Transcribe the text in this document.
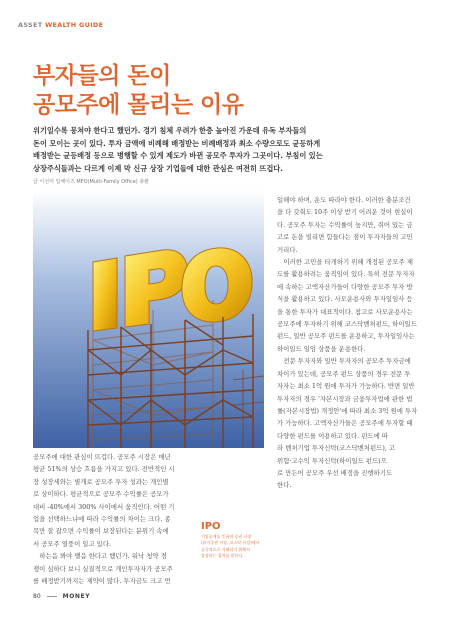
ASSET WEALTH GUIDE
부자들의 돈이
공모주에 몰리는 이유
위기일수록 뭉쳐야 한다고 했던가. 경기 침체 우려가 한층 높아진 가운데 유독 부자들의
돈이 모이는 곳이 있다. 투자 금액에 비례해 배정받는 비례배정과 최소 수량으로도 균등하게
배정받는 균등배정 등으로 병행할 수 있게 제도가 바뀐 공모주 투자가 그곳이다. 부침이 있는
상장주식들과는 다르게 이제 막 신규 상장 기업들에 대한 관심은 여전히 뜨겁다.
글 이선미 입체이즈 MFO(Multi-Family Office) 총괄
공모주에 대한 관심이 뜨겁다. 공모주 시장은 매년
평균 51%의 상승 흐름을 가지고 있다. 전반적인 시
장 성장세와는 별개로 공모주 투자 성과는 개인별
로 상이하다. 평균적으로 공모주 수익률은 공모가
대비 -40%에서 300% 사이에서 움직인다. 어떤 기
업을 선택하느냐에 따라 수익률의 차이는 크다. 종
목만 잘 잡으면 수익률이 보장된다는 분위기 속에
서 공모주 열풍이 일고 있다.
　하는음 봐야 뱉음 한다고 했던가. 워낙 청약 경
쟁이 심하다 보니 실질적으로 개인투자자가 공모주
를 배정받기까지는 제약이 많다. 투자금도 크고 먼
일해야 하며, 운도 따라야 한다. 이러한 충분조건
을 다 갖춰도 10주 이상 받기 어려운 것이 현실이
다. 공모주 투자는 수익률이 높지만, 쥐어 있는 금
고로 돈을 빌리면 힘들다는 점이 투자자들의 고민
거리다.
　이러한 고민을 타개하기 위해 개정된 공모주 제
도를 활용하려는 움직임이 있다. 특히 전문 투자자
에 속하는 고액자산가들이 다양한 공모주 투자 방
식을 활용하고 있다. 사모운용사와 투자일임사 등
을 통한 투자가 대표적이다. 참고로 사모운용사는
공모주에 투자하기 위해 코스닥벤처펀드, 하이일드
펀드, 일반 공모주 펀드를 운용하고, 투자일임사는
하이일드 일임 상품을 운용한다.
　전문 투자자와 일반 투자자의 공모주 투자금에
차이가 있는데, 공모주 펀드 상품의 경우 전문 투
자자는 최소 1억 원에 투자가 가능하다. 반면 일반
투자자의 경우 '자본시장과 금융투자업에 관한 법
률(자본시장법) 개정안'에 따라 최소 3억 원에 투자
가 가능하다. 고액자산가들은 공모주에 투자할 때
다양한 펀드를 이용하고 있다. 펀드에 따
라 벤처기업 투자신탁(코스닥벤처펀드), 고
위험·고수익 투자신탁(하이일드 펀드)으
로 만든어 공모주 우선 배정을 진행하기도
한다.
IPO
기업공개를 뜻하며 증권 시장
(유가증권 시장, 코스닥 시장)에서
공식적으로 거래되기 위해서
상장하는 절차를 말한다.
80	MONEY
